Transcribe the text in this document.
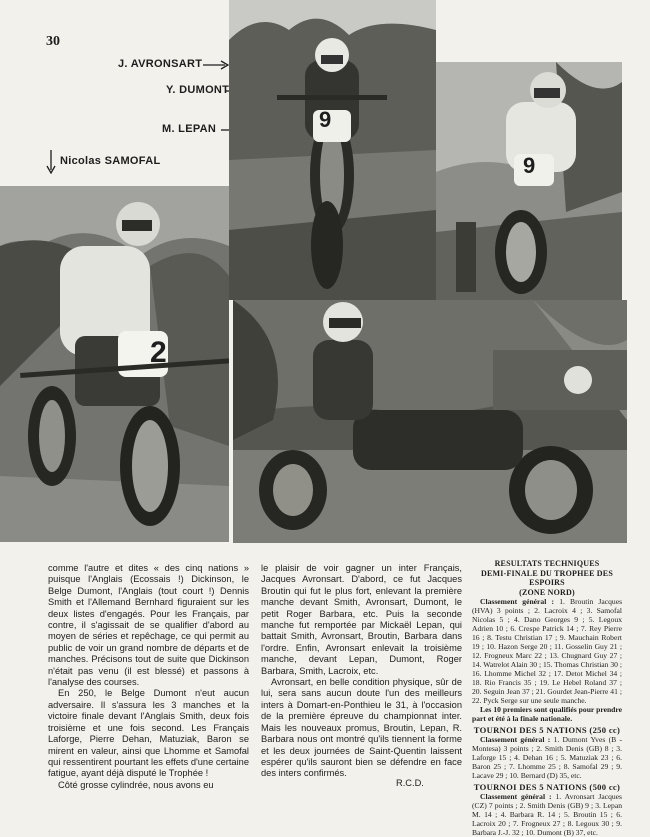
30
J. AVRONSART
Y. DUMONT
M. LEPAN
Nicolas SAMOFAL
9
9
2

comme l'autre et dites « des cinq nations » puisque l'Anglais (Ecossais !) Dickinson, le Belge Dumont, l'Anglais (tout court !) Dennis Smith et l'Allemand Bernhard figuraient sur les deux listes d'engagés. Pour les Français, par contre, il s'agissait de se qualifier d'abord au moyen de séries et repêchage, ce qui permit au public de voir un grand nombre de départs et de manches. Précisons tout de suite que Dickinson n'était pas venu (il est blessé) et passons à l'analyse des courses.

En 250, le Belge Dumont n'eut aucun adversaire. Il s'assura les 3 manches et la victoire finale devant l'Anglais Smith, deux fois troisième et une fois second. Les Français Laforge, Pierre Dehan, Matuziak, Baron se mirent en valeur, ainsi que Lhomme et Samofal qui ressentirent pourtant les effets d'une certaine fatigue, ayant déjà disputé le Trophée !

Côté grosse cylindrée, nous avons eu

le plaisir de voir gagner un inter Français, Jacques Avronsart. D'abord, ce fut Jacques Broutin qui fut le plus fort, enlevant la première manche devant Smith, Avronsart, Dumont, le petit Roger Barbara, etc. Puis la seconde manche fut remportée par Mickaël Lepan, qui battait Smith, Avronsart, Broutin, Barbara dans l'ordre. Enfin, Avronsart enlevait la troisième manche, devant Lepan, Dumont, Roger Barbara, Smith, Lacroix, etc.

Avronsart, en belle condition physique, sûr de lui, sera sans aucun doute l'un des meilleurs inters à Domart-en-Ponthieu le 31, à l'occasion de la première épreuve du championnat inter. Mais les nouveaux promus, Broutin, Lepan, R. Barbara nous ont montré qu'ils tiennent la forme et les deux journées de Saint-Quentin laissent espérer qu'ils sauront bien se défendre en face des inters confirmés.

R.C.D.
RESULTATS TECHNIQUES
DEMI-FINALE DU TROPHEE DES ESPOIRS
(ZONE NORD)

Classement général : 1. Broutin Jacques (HVA) 3 points ; 2. Lacroix 4 ; 3. Samofal Nicolas 5 ; 4. Dano Georges 9 ; 5. Legoux Adrien 10 ; 6. Crespe Patrick 14 ; 7. Rey Pierre 16 ; 8. Testu Christian 17 ; 9. Mauchain Robert 19 ; 10. Hazon Serge 20 ; 11. Gosselin Guy 21 ; 12. Frogneux Marc 22 ; 13. Chugnard Guy 27 ; 14. Watrelot Alain 30 ; 15. Thomas Christian 30 ; 16. Lhomme Michel 32 ; 17. Detot Michel 34 ; 18. Rio Francis 35 ; 19. Le Hebel Roland 37 ; 20. Seguin Jean 37 ; 21. Gourdet Jean-Pierre 41 ; 22. Pyck Serge sur une seule manche.

Les 10 premiers sont qualifiés pour prendre part et été à la finale nationale.

TOURNOI DES 5 NATIONS (250 cc)

Classement général : 1. Dumont Yves (B - Montesa) 3 points ; 2. Smith Denis (GB) 8 ; 3. Laforge 15 ; 4. Dehan 16 ; 5. Matuziak 23 ; 6. Baron 25 ; 7. Lhomme 25 ; 8. Samofal 29 ; 9. Lacave 29 ; 10. Bernard (D) 35, etc.

TOURNOI DES 5 NATIONS (500 cc)

Classement général : 1. Avronsart Jacques (CZ) 7 points ; 2. Smith Denis (GB) 9 ; 3. Lepan M. 14 ; 4. Barbara R. 14 ; 5. Broutin 15 ; 6. Lacroix 20 ; 7. Frogneux 27 ; 8. Legoux 30 ; 9. Barbara J.-J. 32 ; 10. Dumont (B) 37, etc.
